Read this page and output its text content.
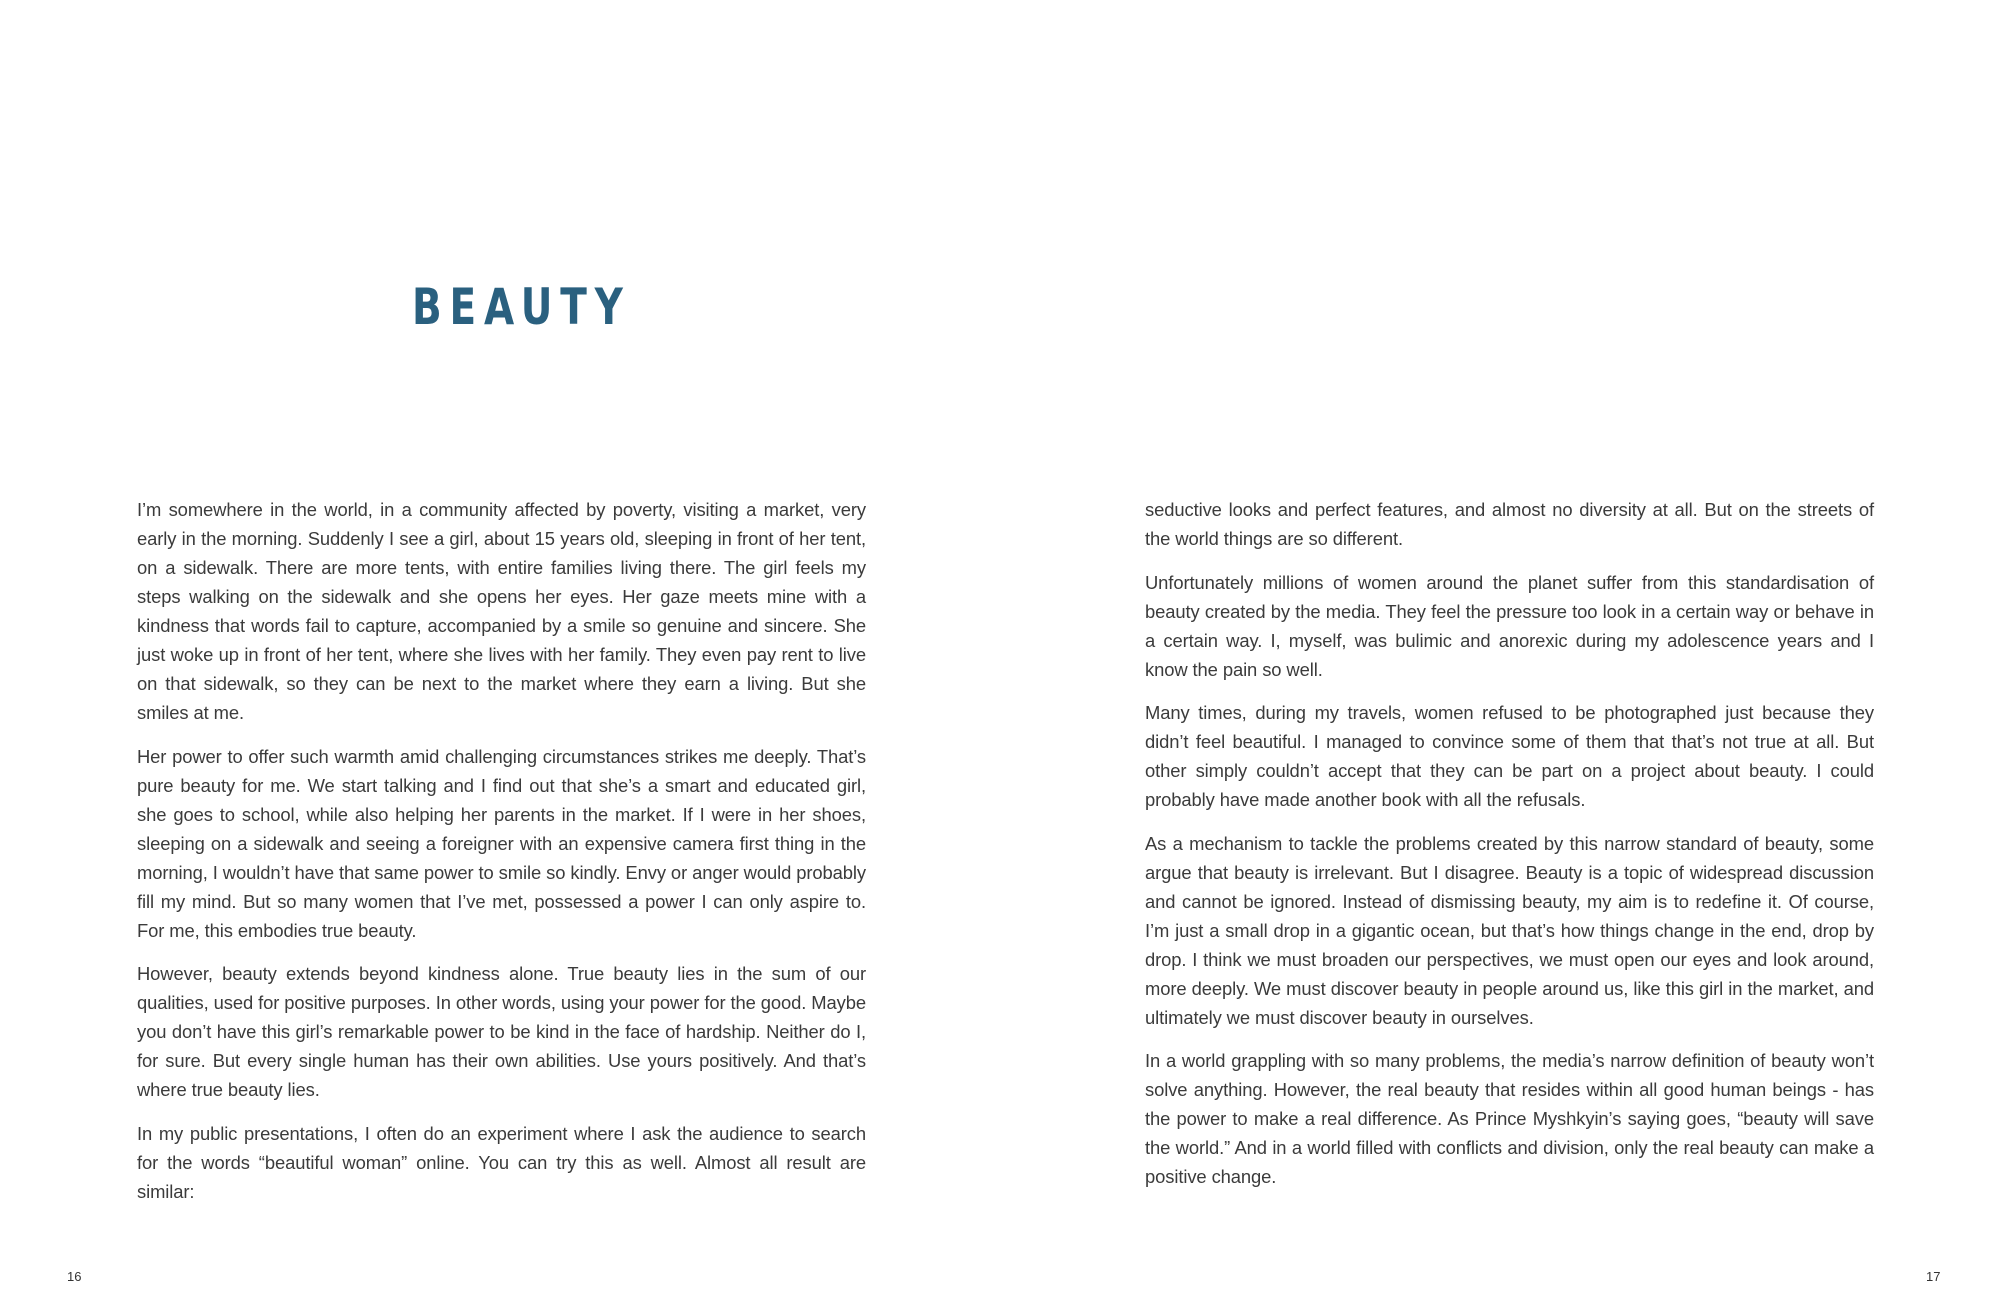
BEAUTY

I’m somewhere in the world, in a community affected by poverty, visiting a market, very early in the morning. Suddenly I see a girl, about 15 years old, sleeping in front of her tent, on a sidewalk. There are more tents, with entire families living there. The girl feels my steps walking on the sidewalk and she opens her eyes. Her gaze meets mine with a kindness that words fail to capture, accompanied by a smile so genuine and sincere. She just woke up in front of her tent, where she lives with her family. They even pay rent to live on that sidewalk, so they can be next to the market where they earn a living. But she smiles at me.

Her power to offer such warmth amid challenging circumstances strikes me deeply. That’s pure beauty for me. We start talking and I find out that she’s a smart and educated girl, she goes to school, while also helping her parents in the market. If I were in her shoes, sleeping on a sidewalk and seeing a foreigner with an expensive camera first thing in the morning, I wouldn’t have that same power to smile so kindly. Envy or anger would probably fill my mind. But so many women that I’ve met, possessed a power I can only aspire to. For me, this embodies true beauty.

However, beauty extends beyond kindness alone. True beauty lies in the sum of our qualities, used for positive purposes. In other words, using your power for the good. Maybe you don’t have this girl’s remarkable power to be kind in the face of hardship. Neither do I, for sure. But every single human has their own abilities. Use yours positively. And that’s where true beauty lies.

In my public presentations, I often do an experiment where I ask the audience to search for the words “beautiful woman” online. You can try this as well. Almost all result are similar:

16

seductive looks and perfect features, and almost no diversity at all. But on the streets of the world things are so different.

Unfortunately millions of women around the planet suffer from this standardisation of beauty created by the media. They feel the pressure too look in a certain way or behave in a certain way. I, myself, was bulimic and anorexic during my adolescence years and I know the pain so well.

Many times, during my travels, women refused to be photographed just because they didn’t feel beautiful. I managed to convince some of them that that’s not true at all. But other simply couldn’t accept that they can be part on a project about beauty. I could probably have made another book with all the refusals.

As a mechanism to tackle the problems created by this narrow standard of beauty, some argue that beauty is irrelevant. But I disagree. Beauty is a topic of widespread discussion and cannot be ignored. Instead of dismissing beauty, my aim is to redefine it. Of course, I’m just a small drop in a gigantic ocean, but that’s how things change in the end, drop by drop. I think we must broaden our perspectives, we must open our eyes and look around, more deeply. We must discover beauty in people around us, like this girl in the market, and ultimately we must discover beauty in ourselves.

In a world grappling with so many problems, the media’s narrow definition of beauty won’t solve anything. However, the real beauty that resides within all good human beings - has the power to make a real difference. As Prince Myshkyin’s saying goes, “beauty will save the world.” And in a world filled with conflicts and division, only the real beauty can make a positive change.

17
